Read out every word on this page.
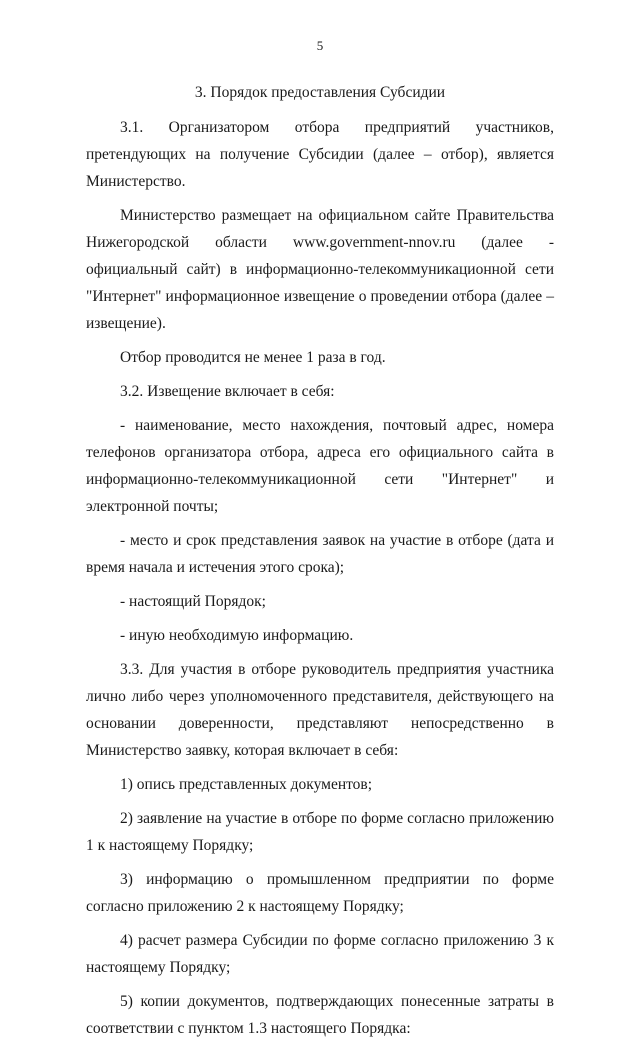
5
3. Порядок предоставления Субсидии

3.1. Организатором отбора предприятий участников, претендующих на получение Субсидии (далее – отбор), является Министерство.

Министерство размещает на официальном сайте Правительства Нижегородской области www.government-nnov.ru (далее - официальный сайт) в информационно-телекоммуникационной сети "Интернет" информационное извещение о проведении отбора (далее – извещение).

Отбор проводится не менее 1 раза в год.

3.2. Извещение включает в себя:

- наименование, место нахождения, почтовый адрес, номера телефонов организатора отбора, адреса его официального сайта в информационно-телекоммуникационной сети "Интернет" и электронной почты;

- место и срок представления заявок на участие в отборе (дата и время начала и истечения этого срока);

- настоящий Порядок;

- иную необходимую информацию.

3.3. Для участия в отборе руководитель предприятия участника лично либо через уполномоченного представителя, действующего на основании доверенности, представляют непосредственно в Министерство заявку, которая включает в себя:

1) опись представленных документов;

2) заявление на участие в отборе по форме согласно приложению 1 к настоящему Порядку;

3) информацию о промышленном предприятии по форме согласно приложению 2 к настоящему Порядку;

4) расчет размера Субсидии по форме согласно приложению 3 к настоящему Порядку;

5) копии документов, подтверждающих понесенные затраты в соответствии с пунктом 1.3 настоящего Порядка:
